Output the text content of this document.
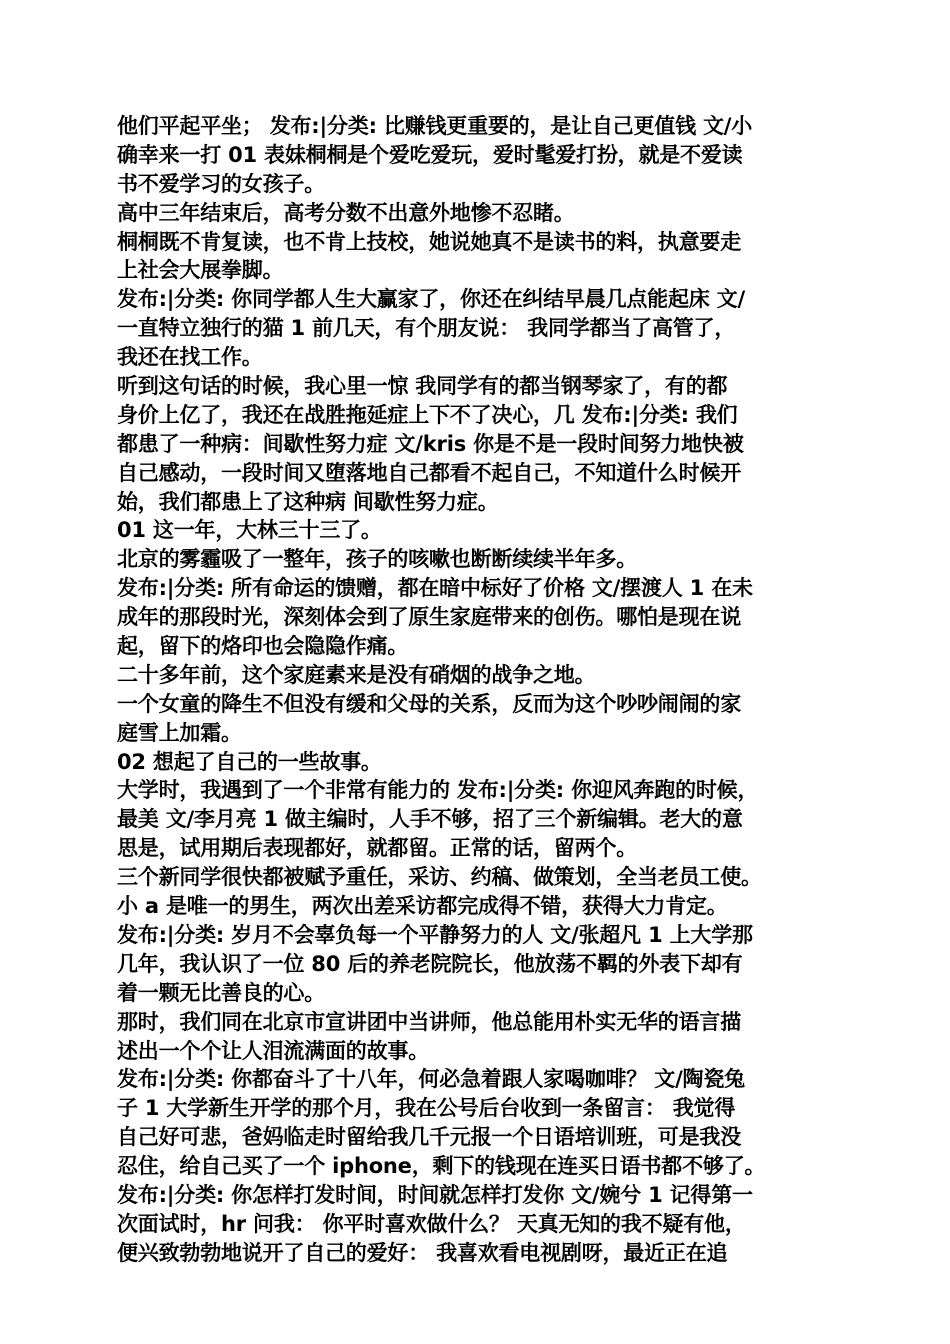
他们平起平坐； 发布:|分类: 比赚钱更重要的，是让自己更值钱 文/小
确幸来一打 01 表妹桐桐是个爱吃爱玩，爱时髦爱打扮，就是不爱读
书不爱学习的女孩子。
高中三年结束后，高考分数不出意外地惨不忍睹。
桐桐既不肯复读，也不肯上技校，她说她真不是读书的料，执意要走
上社会大展拳脚。
发布:|分类: 你同学都人生大赢家了，你还在纠结早晨几点能起床 文/
一直特立独行的猫 1 前几天，有个朋友说： 我同学都当了高管了，
我还在找工作。
听到这句话的时候，我心里一惊 我同学有的都当钢琴家了，有的都
身价上亿了，我还在战胜拖延症上下不了决心，几 发布:|分类: 我们
都患了一种病：间歇性努力症 文/kris 你是不是一段时间努力地快被
自己感动，一段时间又堕落地自己都看不起自己，不知道什么时候开
始，我们都患上了这种病 间歇性努力症。
01 这一年，大林三十三了。
北京的雾霾吸了一整年，孩子的咳嗽也断断续续半年多。
发布:|分类: 所有命运的馈赠，都在暗中标好了价格 文/摆渡人 1 在未
成年的那段时光，深刻体会到了原生家庭带来的创伤。哪怕是现在说
起，留下的烙印也会隐隐作痛。
二十多年前，这个家庭素来是没有硝烟的战争之地。
一个女童的降生不但没有缓和父母的关系，反而为这个吵吵闹闹的家
庭雪上加霜。
02 想起了自己的一些故事。
大学时，我遇到了一个非常有能力的 发布:|分类: 你迎风奔跑的时候，
最美 文/李月亮 1 做主编时，人手不够，招了三个新编辑。老大的意
思是，试用期后表现都好，就都留。正常的话，留两个。
三个新同学很快都被赋予重任，采访、约稿、做策划，全当老员工使。
小 a 是唯一的男生，两次出差采访都完成得不错，获得大力肯定。
发布:|分类: 岁月不会辜负每一个平静努力的人 文/张超凡 1 上大学那
几年，我认识了一位 80 后的养老院院长，他放荡不羁的外表下却有
着一颗无比善良的心。
那时，我们同在北京市宣讲团中当讲师，他总能用朴实无华的语言描
述出一个个让人泪流满面的故事。
发布:|分类: 你都奋斗了十八年，何必急着跟人家喝咖啡？ 文/陶瓷兔
子 1 大学新生开学的那个月，我在公号后台收到一条留言： 我觉得
自己好可悲，爸妈临走时留给我几千元报一个日语培训班，可是我没
忍住，给自己买了一个 iphone，剩下的钱现在连买日语书都不够了。
发布:|分类: 你怎样打发时间，时间就怎样打发你 文/婉兮 1 记得第一
次面试时，hr 问我： 你平时喜欢做什么？ 天真无知的我不疑有他，
便兴致勃勃地说开了自己的爱好： 我喜欢看电视剧呀，最近正在追
